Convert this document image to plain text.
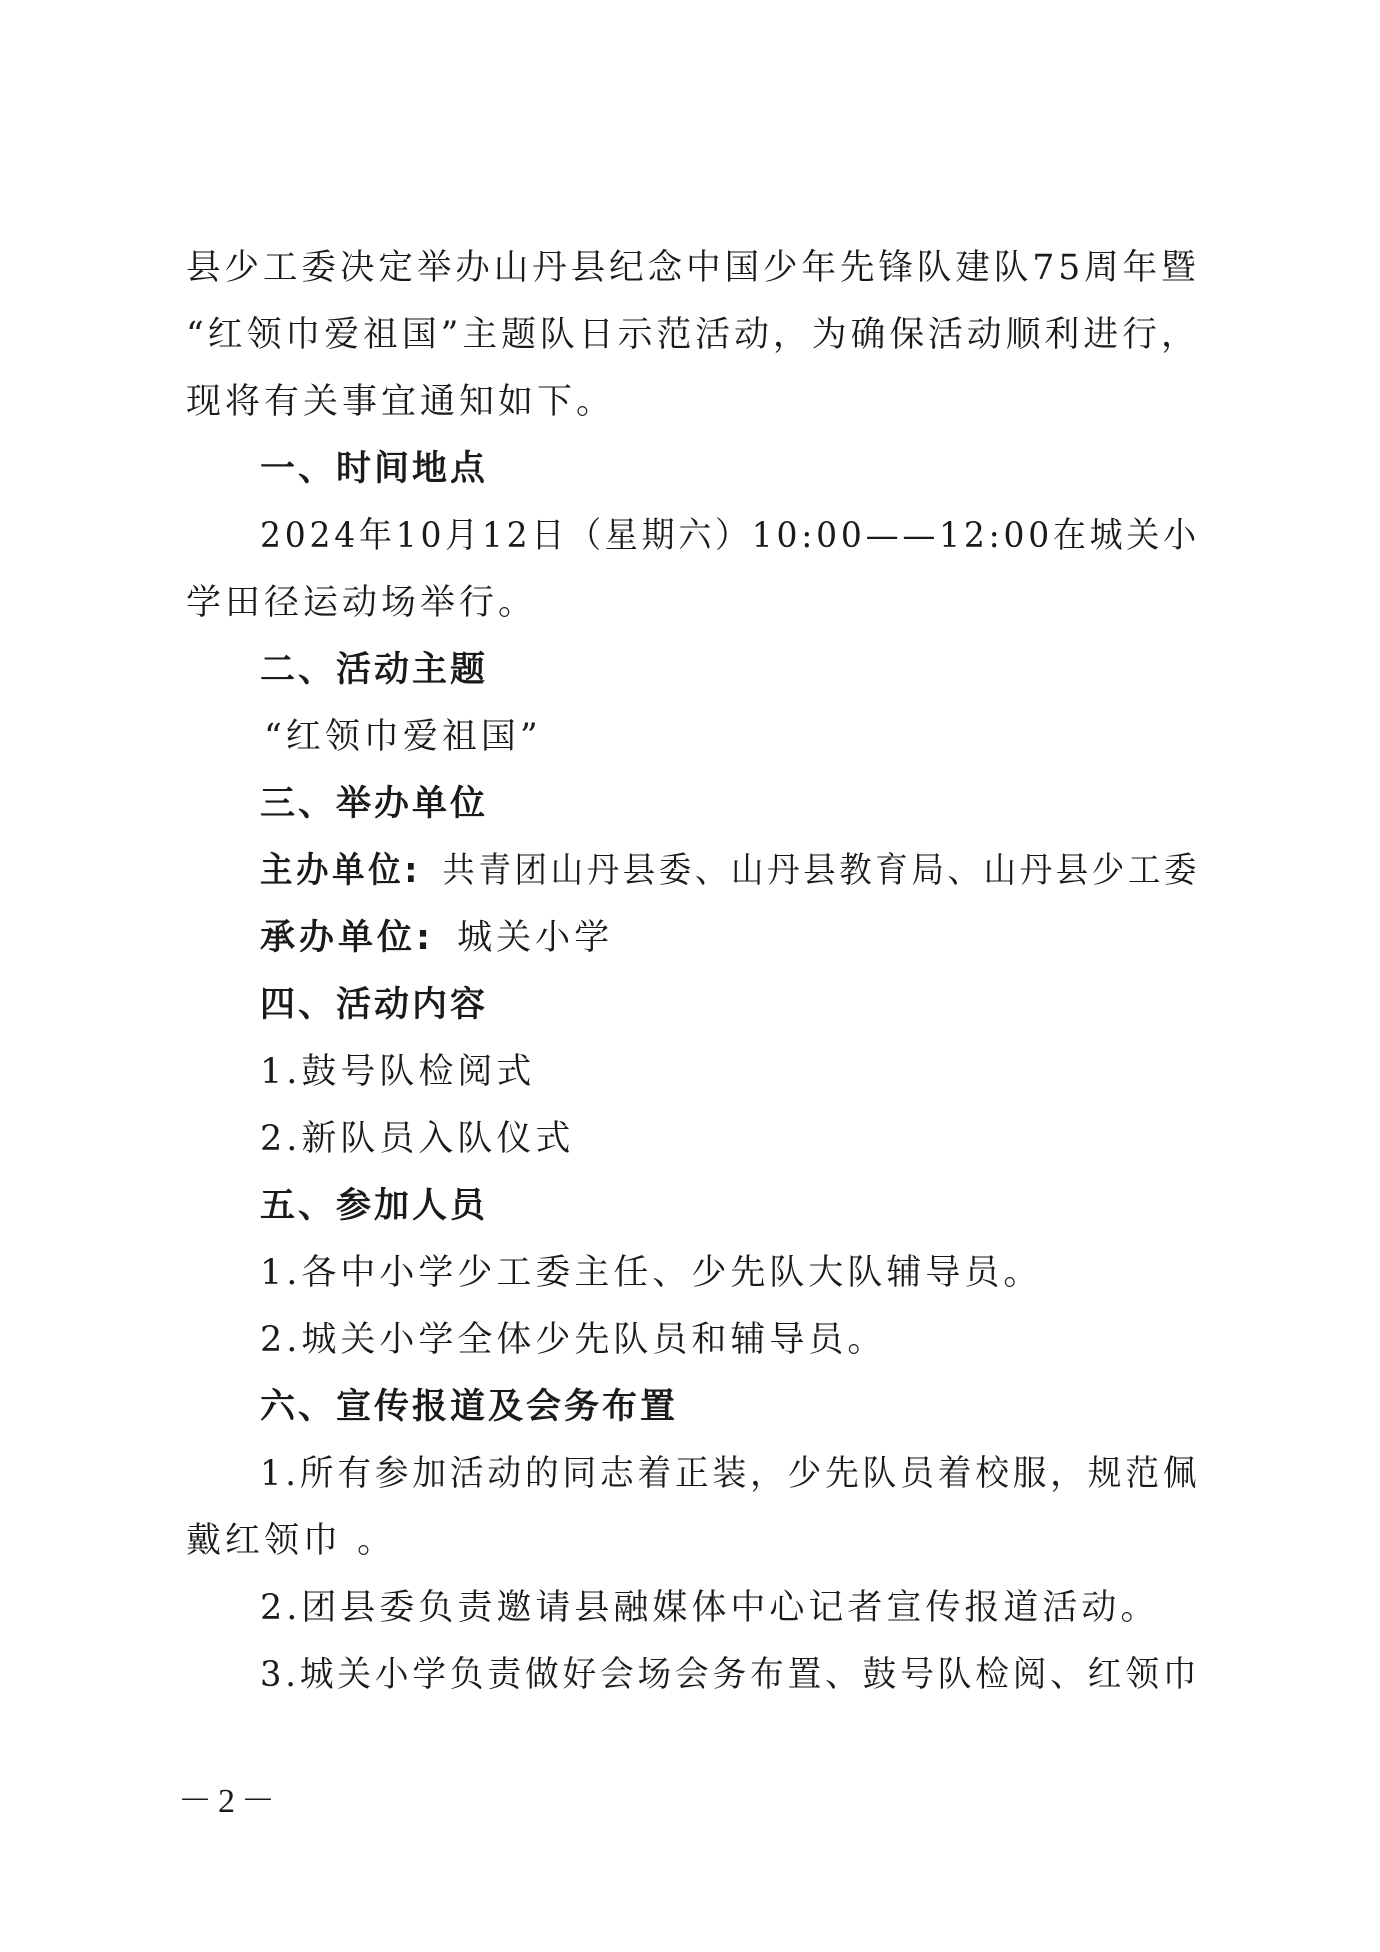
县少工委决定举办山丹县纪念中国少年先锋队建队75周年暨
“红领巾爱祖国”主题队日示范活动，为确保活动顺利进行，
现将有关事宜通知如下。
一、时间地点
2024年10月12日（星期六）10:00——12:00在城关小
学田径运动场举行。
二、活动主题
“红领巾爱祖国”
三、举办单位
主办单位: 共青团山丹县委、山丹县教育局、山丹县少工委
承办单位: 城关小学
四、活动内容
1.鼓号队检阅式
2.新队员入队仪式
五、参加人员
1.各中小学少工委主任、少先队大队辅导员。
2.城关小学全体少先队员和辅导员。
六、宣传报道及会务布置
1.所有参加活动的同志着正装，少先队员着校服，规范佩
戴红领巾 。
2.团县委负责邀请县融媒体中心记者宣传报道活动。
3.城关小学负责做好会场会务布置、鼓号队检阅、红领巾
－2－
